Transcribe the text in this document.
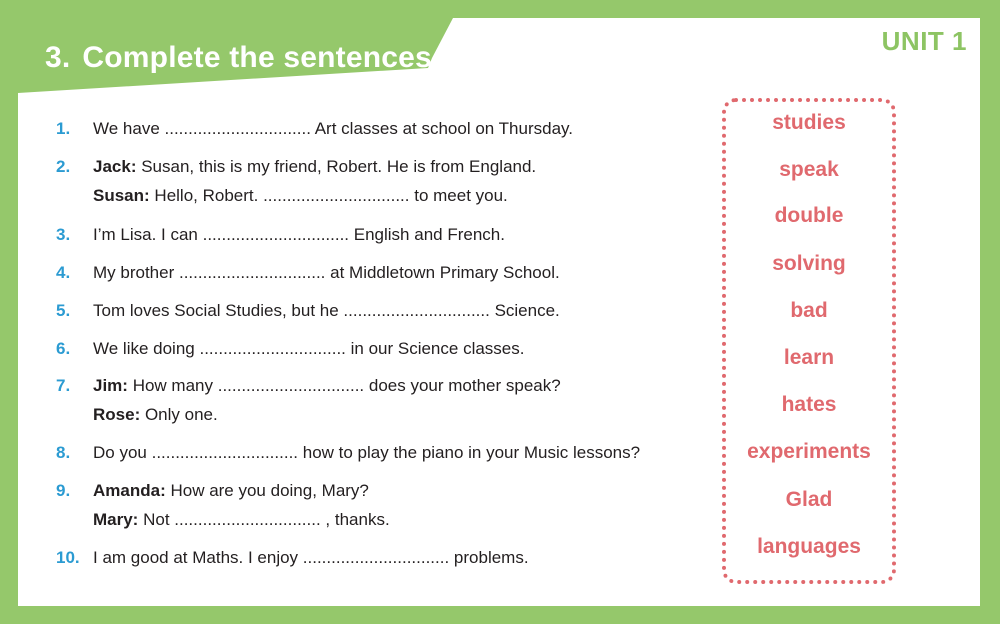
3. Complete the sentences with the words.	UNIT 1
1.	We have ............................... Art classes at school on Thursday.
2.	Jack: Susan, this is my friend, Robert. He is from England.
Susan: Hello, Robert. ............................... to meet you.
3.	I’m Lisa. I can ............................... English and French.
4.	My brother ............................... at Middletown Primary School.
5.	Tom loves Social Studies, but he ............................... Science.
6.	We like doing ............................... in our Science classes.
7.	Jim: How many ............................... does your mother speak?
Rose: Only one.
8.	Do you ............................... how to play the piano in your Music lessons?
9.	Amanda: How are you doing, Mary?
Mary: Not ............................... , thanks.
10. I am good at Maths. I enjoy ............................... problems.
studies
speak
double
solving
bad
learn
hates
experiments
Glad
languages
